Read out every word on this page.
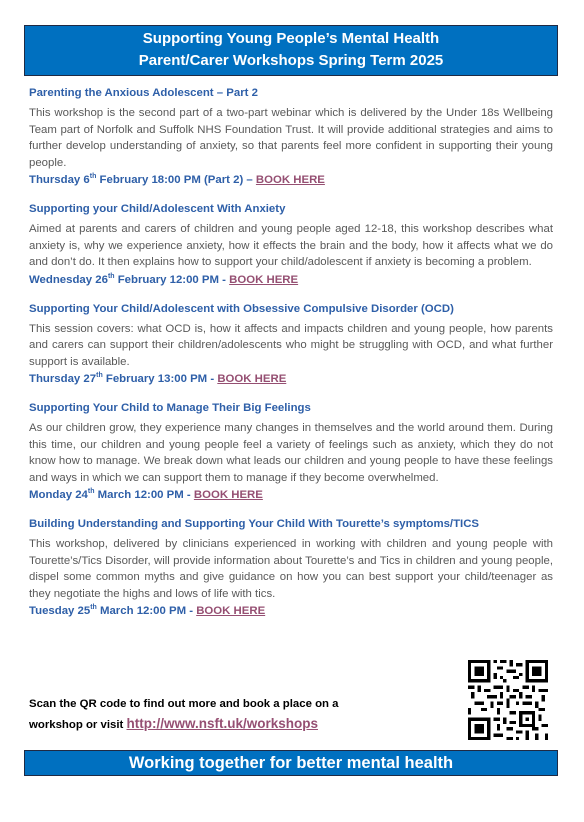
Supporting Young People’s Mental Health
Parent/Carer Workshops Spring Term 2025
Parenting the Anxious Adolescent – Part 2
This workshop is the second part of a two-part webinar which is delivered by the Under 18s Wellbeing Team part of Norfolk and Suffolk NHS Foundation Trust. It will provide additional strategies and aims to further develop understanding of anxiety, so that parents feel more confident in supporting their young people.
Thursday 6th February 18:00 PM (Part 2) – BOOK HERE
Supporting your Child/Adolescent With Anxiety
Aimed at parents and carers of children and young people aged 12-18, this workshop describes what anxiety is, why we experience anxiety, how it effects the brain and the body, how it affects what we do and don’t do. It then explains how to support your child/adolescent if anxiety is becoming a problem.
Wednesday 26th February 12:00 PM - BOOK HERE
Supporting Your Child/Adolescent with Obsessive Compulsive Disorder (OCD)
This session covers: what OCD is, how it affects and impacts children and young people, how parents and carers can support their children/adolescents who might be struggling with OCD, and what further support is available.
Thursday 27th February 13:00 PM - BOOK HERE
Supporting Your Child to Manage Their Big Feelings
As our children grow, they experience many changes in themselves and the world around them. During this time, our children and young people feel a variety of feelings such as anxiety, which they do not know how to manage. We break down what leads our children and young people to have these feelings and ways in which we can support them to manage if they become overwhelmed.
Monday 24th March 12:00 PM - BOOK HERE
Building Understanding and Supporting Your Child With Tourette’s symptoms/TICS
This workshop, delivered by clinicians experienced in working with children and young people with Tourette’s/Tics Disorder, will provide information about Tourette’s and Tics in children and young people, dispel some common myths and give guidance on how you can best support your child/teenager as they negotiate the highs and lows of life with tics.
Tuesday 25th March 12:00 PM - BOOK HERE
Scan the QR code to find out more and book a place on a workshop or visit http://www.nsft.uk/workshops
Working together for better mental health
